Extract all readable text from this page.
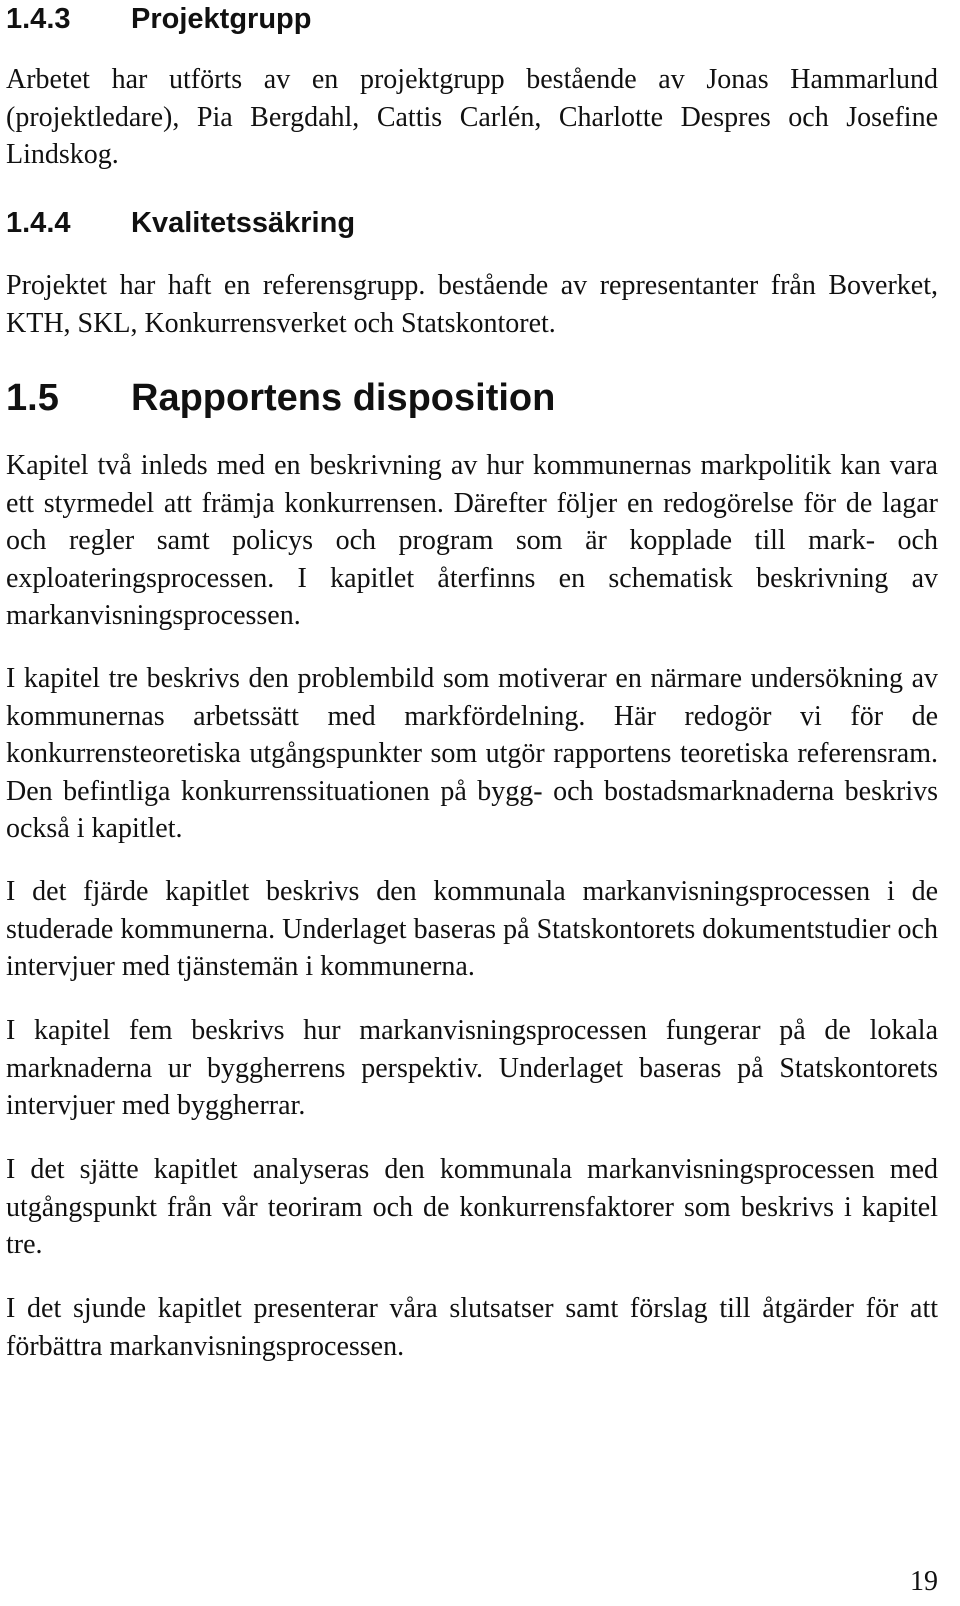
1.4.3 Projektgrupp

Arbetet har utförts av en projektgrupp bestående av Jonas Hammarlund (projektledare), Pia Bergdahl, Cattis Carlén, Charlotte Despres och Josefine Lindskog.

1.4.4 Kvalitetssäkring

Projektet har haft en referensgrupp. bestående av representanter från Boverket, KTH, SKL, Konkurrensverket och Statskontoret.

1.5 Rapportens disposition

Kapitel två inleds med en beskrivning av hur kommunernas markpolitik kan vara ett styrmedel att främja konkurrensen. Därefter följer en redogörelse för de lagar och regler samt policys och program som är kopplade till mark- och exploateringsprocessen. I kapitlet återfinns en schematisk beskrivning av markanvisningsprocessen.

I kapitel tre beskrivs den problembild som motiverar en närmare undersökning av kommunernas arbetssätt med markfördelning. Här redogör vi för de konkurrensteoretiska utgångspunkter som utgör rapportens teoretiska referensram. Den befintliga konkurrenssituationen på bygg- och bostadsmarknaderna beskrivs också i kapitlet.

I det fjärde kapitlet beskrivs den kommunala markanvisningsprocessen i de studerade kommunerna. Underlaget baseras på Statskontorets dokumentstudier och intervjuer med tjänstemän i kommunerna.

I kapitel fem beskrivs hur markanvisningsprocessen fungerar på de lokala marknaderna ur byggherrens perspektiv. Underlaget baseras på Statskontorets intervjuer med byggherrar.

I det sjätte kapitlet analyseras den kommunala markanvisningsprocessen med utgångspunkt från vår teoriram och de konkurrensfaktorer som beskrivs i kapitel tre.

I det sjunde kapitlet presenterar våra slutsatser samt förslag till åtgärder för att förbättra markanvisningsprocessen.

19
